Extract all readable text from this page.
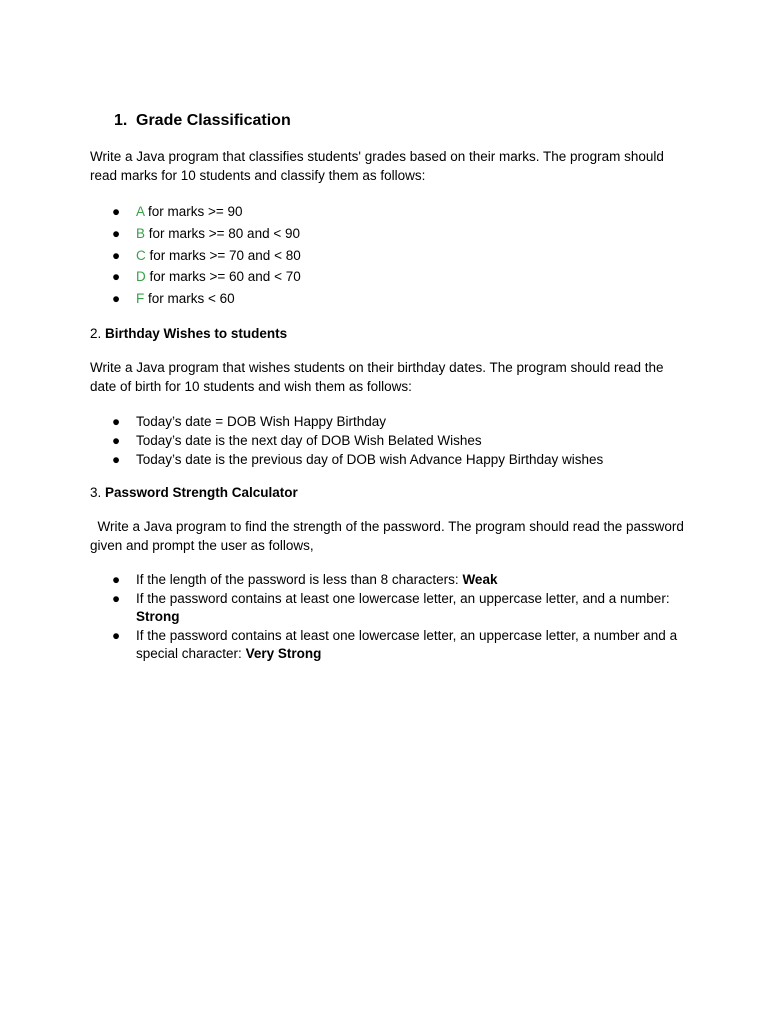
1. Grade Classification
Write a Java program that classifies students' grades based on their marks. The program should read marks for 10 students and classify them as follows:
● A for marks >= 90
● B for marks >= 80 and < 90
● C for marks >= 70 and < 80
● D for marks >= 60 and < 70
● F for marks < 60
2. Birthday Wishes to students
Write a Java program that wishes students on their birthday dates. The program should read the date of birth for 10 students and wish them as follows:
● Today’s date = DOB Wish Happy Birthday
● Today’s date is the next day of DOB Wish Belated Wishes
● Today’s date is the previous day of DOB wish Advance Happy Birthday wishes
3. Password Strength Calculator
Write a Java program to find the strength of the password. The program should read the password given and prompt the user as follows,
● If the length of the password is less than 8 characters: Weak
● If the password contains at least one lowercase letter, an uppercase letter, and a number: Strong
● If the password contains at least one lowercase letter, an uppercase letter, a number and a special character: Very Strong
